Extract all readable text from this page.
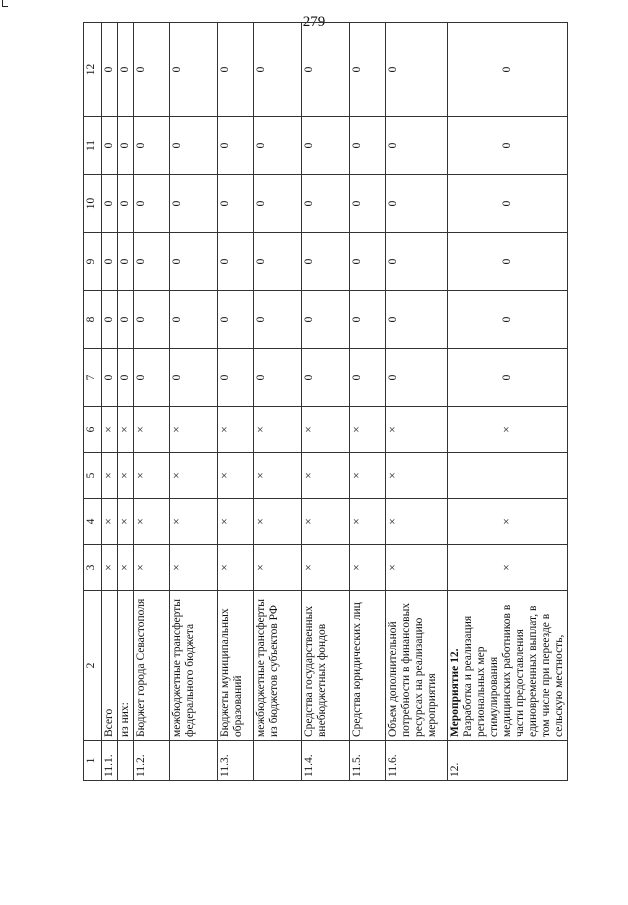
279
1	2	3	4	5	6	7	8	9	10	11	12
11.1.	Всего	×	×	×	×	0	0	0	0	0	0

	из них:	×	×	×	×	0	0	0	0	0	0
11.2.	Бюджет города Севастополя	×	×	×	×	0	0	0	0	0	0

	межбюджетные трансферты федерального бюджета	×	×	×	×	0	0	0	0	0	0
11.3.	Бюджеты муниципальных образований	×	×	×	×	0	0	0	0	0	0

	межбюджетные трансферты из бюджетов субъектов РФ	×	×	×	×	0	0	0	0	0	0
11.4.	Средства государственных внебюджетных фондов	×	×	×	×	0	0	0	0	0	0
11.5.	Средства юридических лиц	×	×	×	×	0	0	0	0	0	0
11.6.	Объем дополнительной потребности в финансовых ресурсах на реализацию мероприятия	×	×	×	×	0	0	0	0	0	0
12.	Мероприятие 12. Разработка и реализация региональных мер стимулирования медицинских работников в части предоставления единовременных выплат, в том числе при переезде в сельскую местность,	×	×		×	0	0	0	0	0	0
